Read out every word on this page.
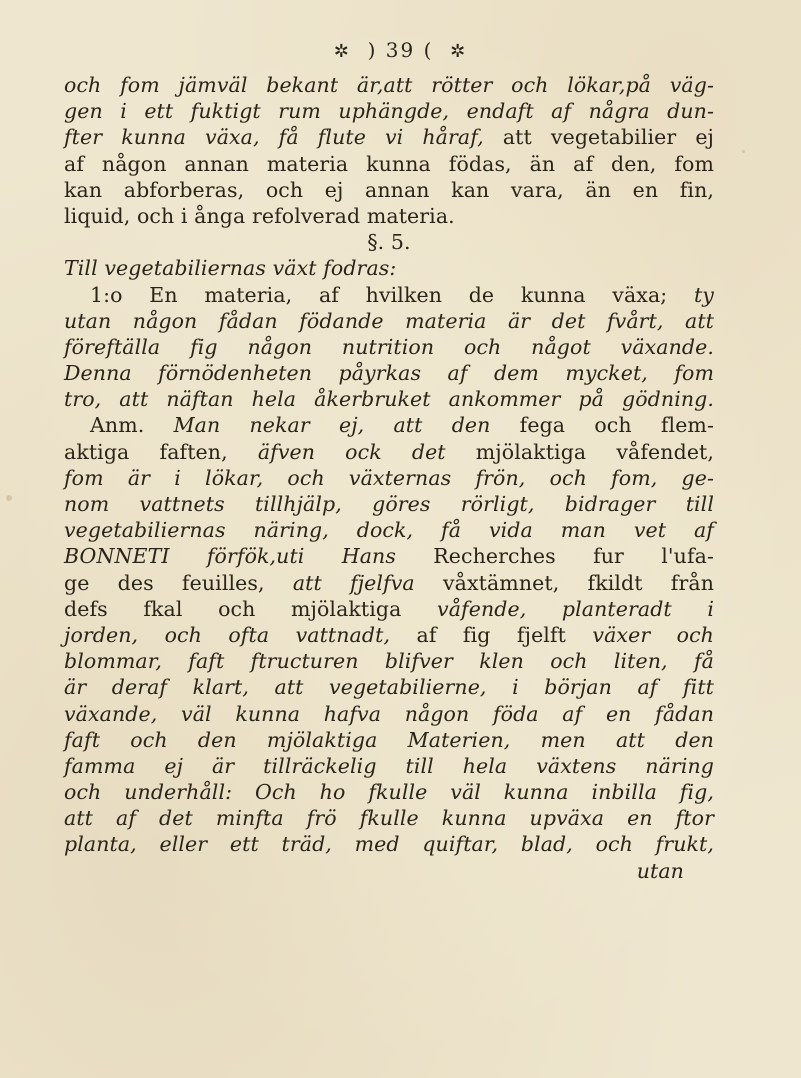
✲ ) 39 ( ✲
och fom jämväl bekant är,att rötter och lökar,på väg-
gen i ett fuktigt rum uphängde, endaft af några dun-
fter kunna växa, få flute vi håraf, att vegetabilier ej
af någon annan materia kunna födas, än af den, fom
kan abforberas, och ej annan kan vara, än en fin,
liquid, och i ånga refolverad materia.
§. 5.
Till vegetabiliernas växt fodras:
1:o En materia, af hvilken de kunna växa; ty
utan någon fådan födande materia är det fvårt, att
föreftälla fig någon nutrition och något växande.
Denna förnödenheten påyrkas af dem mycket, fom
tro, att näftan hela åkerbruket ankommer på gödning.
Anm. Man nekar ej, att den fega och flem-
aktiga faften, äfven ock det mjölaktiga våfendet,
fom är i lökar, och växternas frön, och fom, ge-
nom vattnets tillhjälp, göres rörligt, bidrager till
vegetabiliernas näring, dock, få vida man vet af
BONNETI förfök,uti Hans Recherches fur l'ufa-
ge des feuilles, att fjelfva våxtämnet, fkildt från
defs fkal och mjölaktiga våfende, planteradt i
jorden, och ofta vattnadt, af fig fjelft växer och
blommar, faft ftructuren blifver klen och liten, få
är deraf klart, att vegetabilierne, i början af fitt
växande, väl kunna hafva någon föda af en fådan
faft och den mjölaktiga Materien, men att den
famma ej är tillräckelig till hela växtens näring
och underhåll: Och ho fkulle väl kunna inbilla fig,
att af det minfta frö fkulle kunna upväxa en ftor
planta, eller ett träd, med quiftar, blad, och frukt,
utan
